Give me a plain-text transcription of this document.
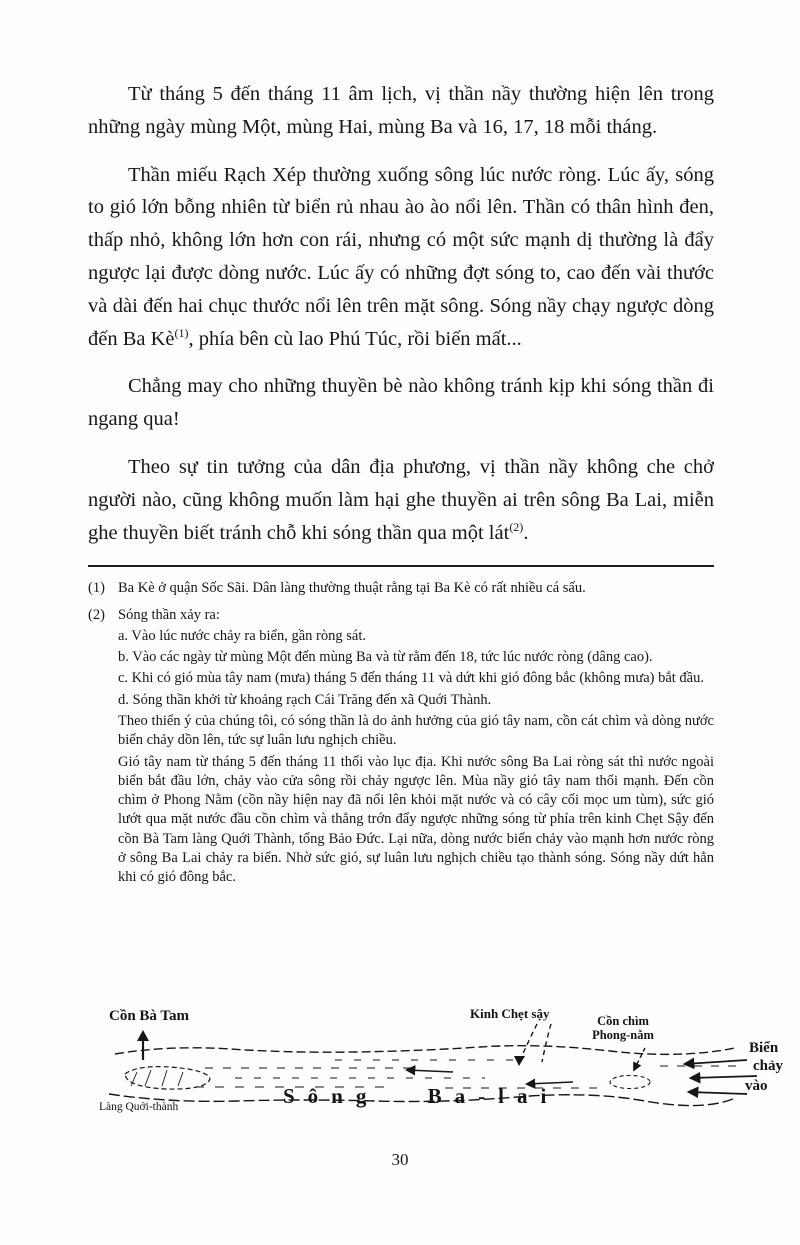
Từ tháng 5 đến tháng 11 âm lịch, vị thần nầy thường hiện lên trong những ngày mùng Một, mùng Hai, mùng Ba và 16, 17, 18 mỗi tháng.

Thần miếu Rạch Xép thường xuống sông lúc nước ròng. Lúc ấy, sóng to gió lớn bỗng nhiên từ biển rủ nhau ào ào nổi lên. Thần có thân hình đen, thấp nhỏ, không lớn hơn con rái, nhưng có một sức mạnh dị thường là đẩy ngược lại được dòng nước. Lúc ấy có những đợt sóng to, cao đến vài thước và dài đến hai chục thước nổi lên trên mặt sông. Sóng nầy chạy ngược dòng đến Ba Kè$^{(1)}$, phía bên cù lao Phú Túc, rồi biến mất...

Chẳng may cho những thuyền bè nào không tránh kịp khi sóng thần đi ngang qua!

Theo sự tin tưởng của dân địa phương, vị thần nầy không che chở người nào, cũng không muốn làm hại ghe thuyền ai trên sông Ba Lai, miễn ghe thuyền biết tránh chỗ khi sóng thần qua một lát$^{(2)}$.

(1) Ba Kè ở quận Sốc Sãi. Dân làng thường thuật rằng tại Ba Kè có rất nhiều cá sấu.

(2) Sóng thần xảy ra:

a. Vào lúc nước chảy ra biển, gần ròng sát.

b. Vào các ngày từ mùng Một đến mùng Ba và từ rằm đến 18, tức lúc nước ròng (dâng cao).

c. Khi có gió mùa tây nam (mưa) tháng 5 đến tháng 11 và dứt khi gió đông bắc (không mưa) bắt đầu.

d. Sóng thần khởi từ khoảng rạch Cái Trăng đến xã Quới Thành.

Theo thiển ý của chúng tôi, có sóng thần là do ảnh hưởng của gió tây nam, cồn cát chìm và dòng nước biển chảy dồn lên, tức sự luân lưu nghịch chiều.

Gió tây nam từ tháng 5 đến tháng 11 thổi vào lục địa. Khi nước sông Ba Lai ròng sát thì nước ngoài biển bắt đầu lớn, chảy vào cửa sông rồi chảy ngược lên. Mùa nầy gió tây nam thổi mạnh. Đến cồn chìm ở Phong Nằm (cồn nầy hiện nay đã nổi lên khỏi mặt nước và có cây cối mọc um tùm), sức gió lướt qua mặt nước đầu cồn chìm và thẳng trớn đẩy ngược những sóng từ phía trên kinh Chẹt Sậy đến cồn Bà Tam làng Quới Thành, tổng Bảo Đức. Lại nữa, dòng nước biển chảy vào mạnh hơn nước ròng ở sông Ba Lai chảy ra biển. Nhờ sức gió, sự luân lưu nghịch chiều tạo thành sóng. Sóng nầy dứt hẳn khi có gió đông bắc.

Cồn Bà Tam	Kinh Chẹt sậy	Cồn chìm
Phong-nằm
Biển
chảy
vào
Làng Quới-thành	Sông Ba-lai
30
